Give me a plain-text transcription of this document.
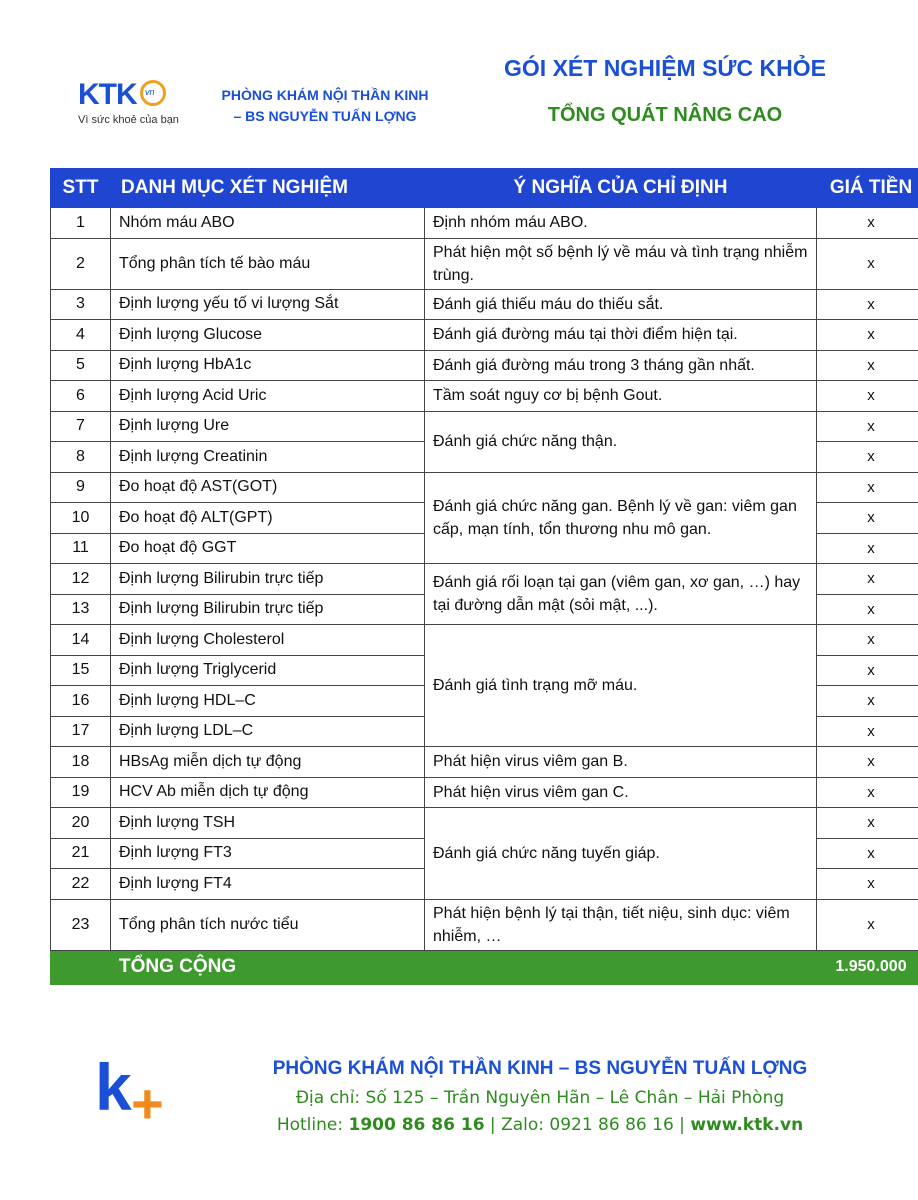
KTK vn
Vì sức khoẻ của bạn
PHÒNG KHÁM NỘI THẦN KINH
– BS NGUYỄN TUẤN LỢNG
GÓI XÉT NGHIỆM SỨC KHỎE
TỔNG QUÁT NÂNG CAO
STT	DANH MỤC XÉT NGHIỆM	Ý NGHĨA CỦA CHỈ ĐỊNH	GIÁ TIỀN
1	Nhóm máu ABO	Định nhóm máu ABO.	x
2	Tổng phân tích tế bào máu	Phát hiện một số bệnh lý về máu và tình trạng nhiễm trùng.	x
3	Định lượng yếu tố vi lượng Sắt	Đánh giá thiếu máu do thiếu sắt.	x
4	Định lượng Glucose	Đánh giá đường máu tại thời điểm hiện tại.	x
5	Định lượng HbA1c	Đánh giá đường máu trong 3 tháng gần nhất.	x
6	Định lượng Acid Uric	Tầm soát nguy cơ bị bệnh Gout.	x
7	Định lượng Ure	Đánh giá chức năng thận.	x
8	Định lượng Creatinin		x
9	Đo hoạt độ AST(GOT)	Đánh giá chức năng gan. Bệnh lý về gan: viêm gan cấp, mạn tính, tổn thương nhu mô gan.	x
10	Đo hoạt độ ALT(GPT)		x
11	Đo hoạt độ GGT		x
12	Định lượng Bilirubin trực tiếp	Đánh giá rối loạn tại gan (viêm gan, xơ gan, …) hay tại đường dẫn mật (sỏi mật, ...).	x
13	Định lượng Bilirubin trực tiếp		x
14	Định lượng Cholesterol	Đánh giá tình trạng mỡ máu.	x
15	Định lượng Triglycerid		x
16	Định lượng HDL–C		x
17	Định lượng LDL–C		x
18	HBsAg miễn dịch tự động	Phát hiện virus viêm gan B.	x
19	HCV Ab miễn dịch tự động	Phát hiện virus viêm gan C.	x
20	Định lượng TSH	Đánh giá chức năng tuyến giáp.	x
21	Định lượng FT3		x
22	Định lượng FT4		x
23	Tổng phân tích nước tiểu	Phát hiện bệnh lý tại thận, tiết niệu, sinh dục: viêm nhiễm, …	x
	TỔNG CỘNG		1.950.000
k +
PHÒNG KHÁM NỘI THẦN KINH – BS NGUYỄN TUẤN LỢNG
Địa chỉ: Số 125 – Trần Nguyên Hãn – Lê Chân – Hải Phòng
Hotline: 1900 86 86 16 | Zalo: 0921 86 86 16 | www.ktk.vn
